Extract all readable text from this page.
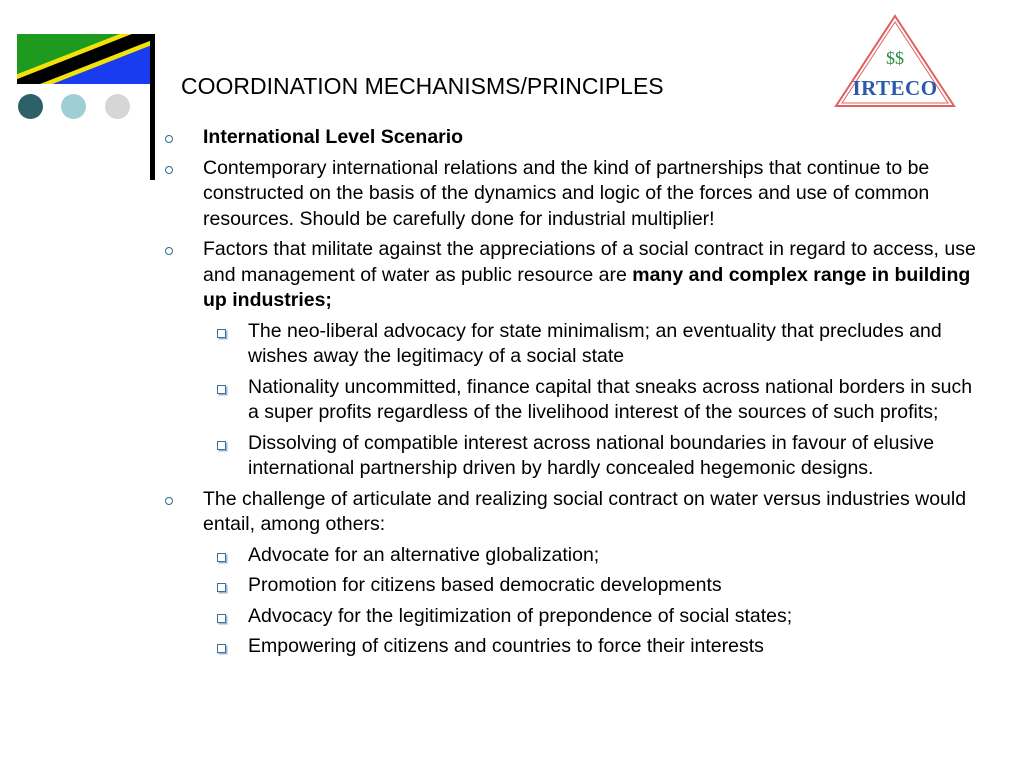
COORDINATION MECHANISMS/PRINCIPLES
$$
IRTECO
International Level Scenario
Contemporary international relations and the kind of partnerships that continue to be constructed on the basis of the dynamics and logic of the forces and use of common resources. Should be carefully done for industrial multiplier!
Factors that militate against the appreciations of a social contract in regard to access, use and management of water as public resource are many and complex range in building up industries;
The neo-liberal advocacy for state minimalism; an eventuality that precludes and wishes away the legitimacy of a social state
Nationality uncommitted, finance capital that sneaks across national borders in such a super profits regardless of the livelihood interest of the sources of such profits;
Dissolving of compatible interest across national boundaries in favour of elusive international partnership driven by hardly concealed hegemonic designs.
The challenge of articulate and realizing social contract on water versus industries would entail, among others:
Advocate for an alternative globalization;
Promotion for citizens based democratic developments
Advocacy for the legitimization of prepondence of social states;
Empowering of citizens and countries to force their interests
